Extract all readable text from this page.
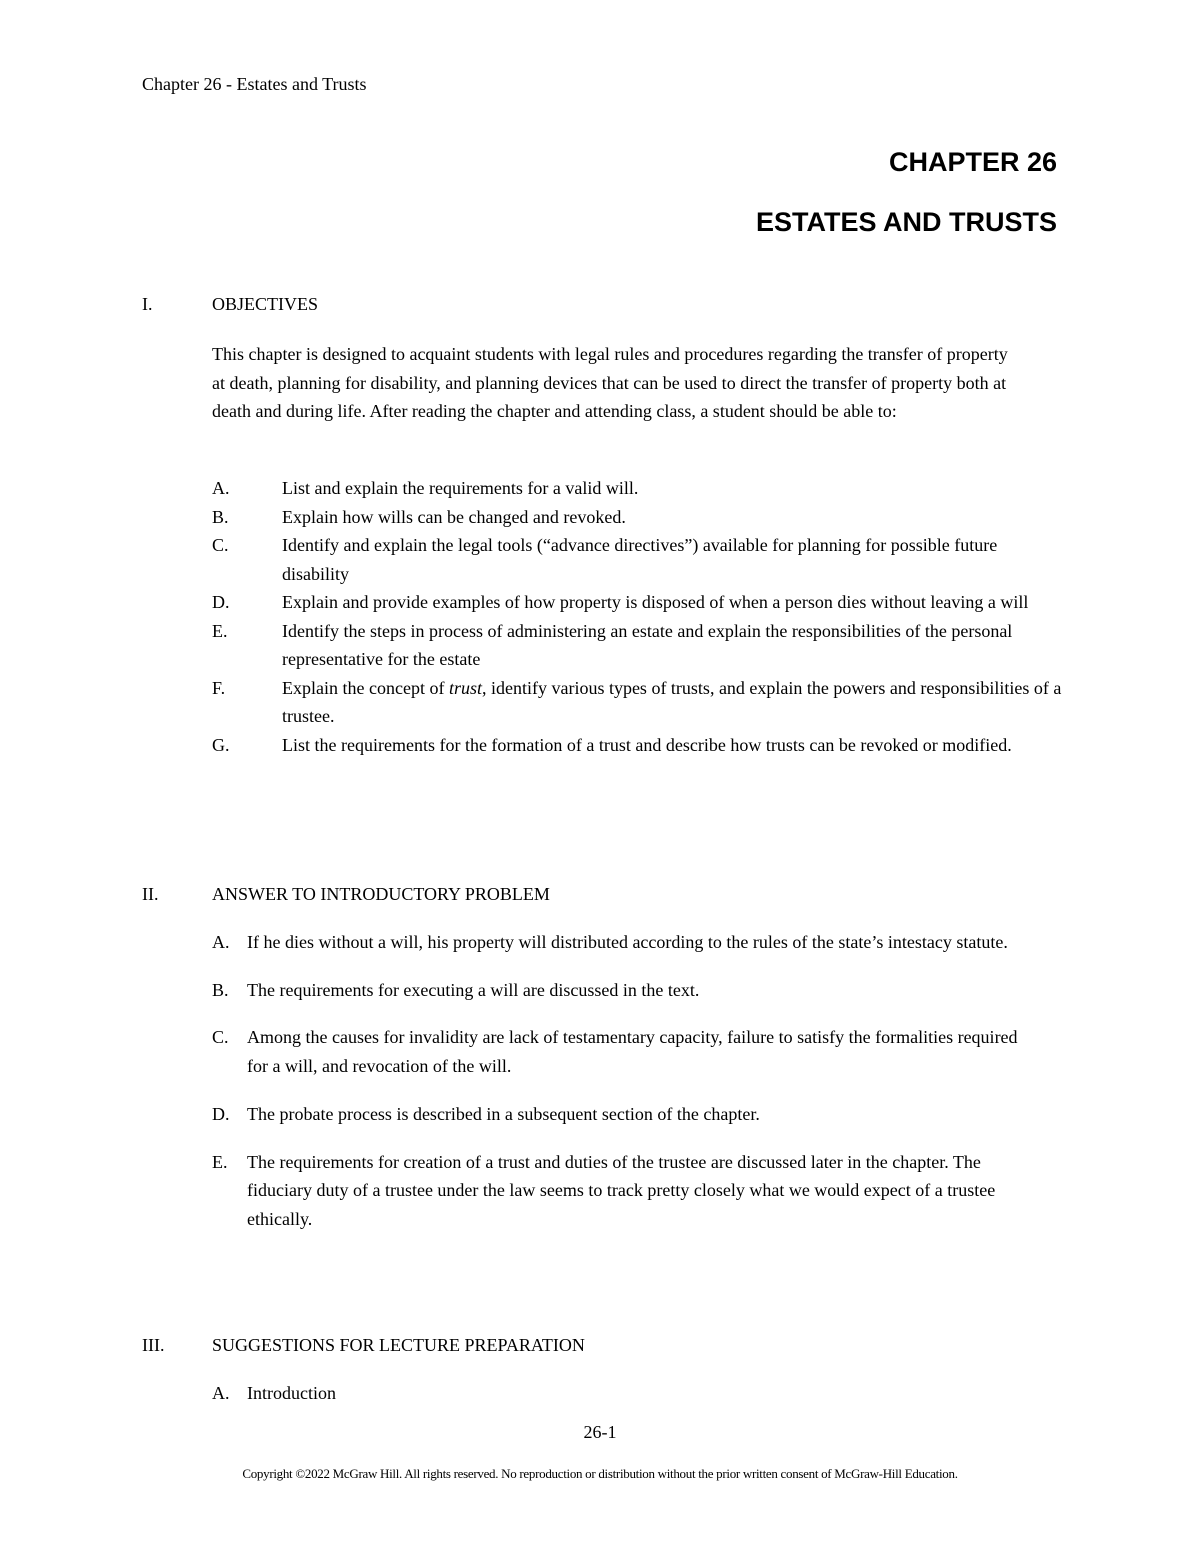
Chapter 26 - Estates and Trusts
CHAPTER 26
ESTATES AND TRUSTS
I.	OBJECTIVES

This chapter is designed to acquaint students with legal rules and procedures regarding the transfer of property at death, planning for disability, and planning devices that can be used to direct the transfer of property both at death and during life. After reading the chapter and attending class, a student should be able to:

A.	List and explain the requirements for a valid will.
B.	Explain how wills can be changed and revoked.
C.	Identify and explain the legal tools (“advance directives”) available for planning for possible future disability
D.	Explain and provide examples of how property is disposed of when a person dies without leaving a will
E.	Identify the steps in process of administering an estate and explain the responsibilities of the personal representative for the estate
F.	Explain the concept of trust, identify various types of trusts, and explain the powers and responsibilities of a trustee.
G.	List the requirements for the formation of a trust and describe how trusts can be revoked or modified.
II.	ANSWER TO INTRODUCTORY PROBLEM
A. If he dies without a will, his property will distributed according to the rules of the state’s intestacy statute.
B. The requirements for executing a will are discussed in the text.
C. Among the causes for invalidity are lack of testamentary capacity, failure to satisfy the formalities required for a will, and revocation of the will.
D. The probate process is described in a subsequent section of the chapter.
E. The requirements for creation of a trust and duties of the trustee are discussed later in the chapter. The fiduciary duty of a trustee under the law seems to track pretty closely what we would expect of a trustee ethically.
III.	SUGGESTIONS FOR LECTURE PREPARATION
A. Introduction
26-1
Copyright ©2022 McGraw Hill. All rights reserved. No reproduction or distribution without the prior written consent of McGraw-Hill Education.
